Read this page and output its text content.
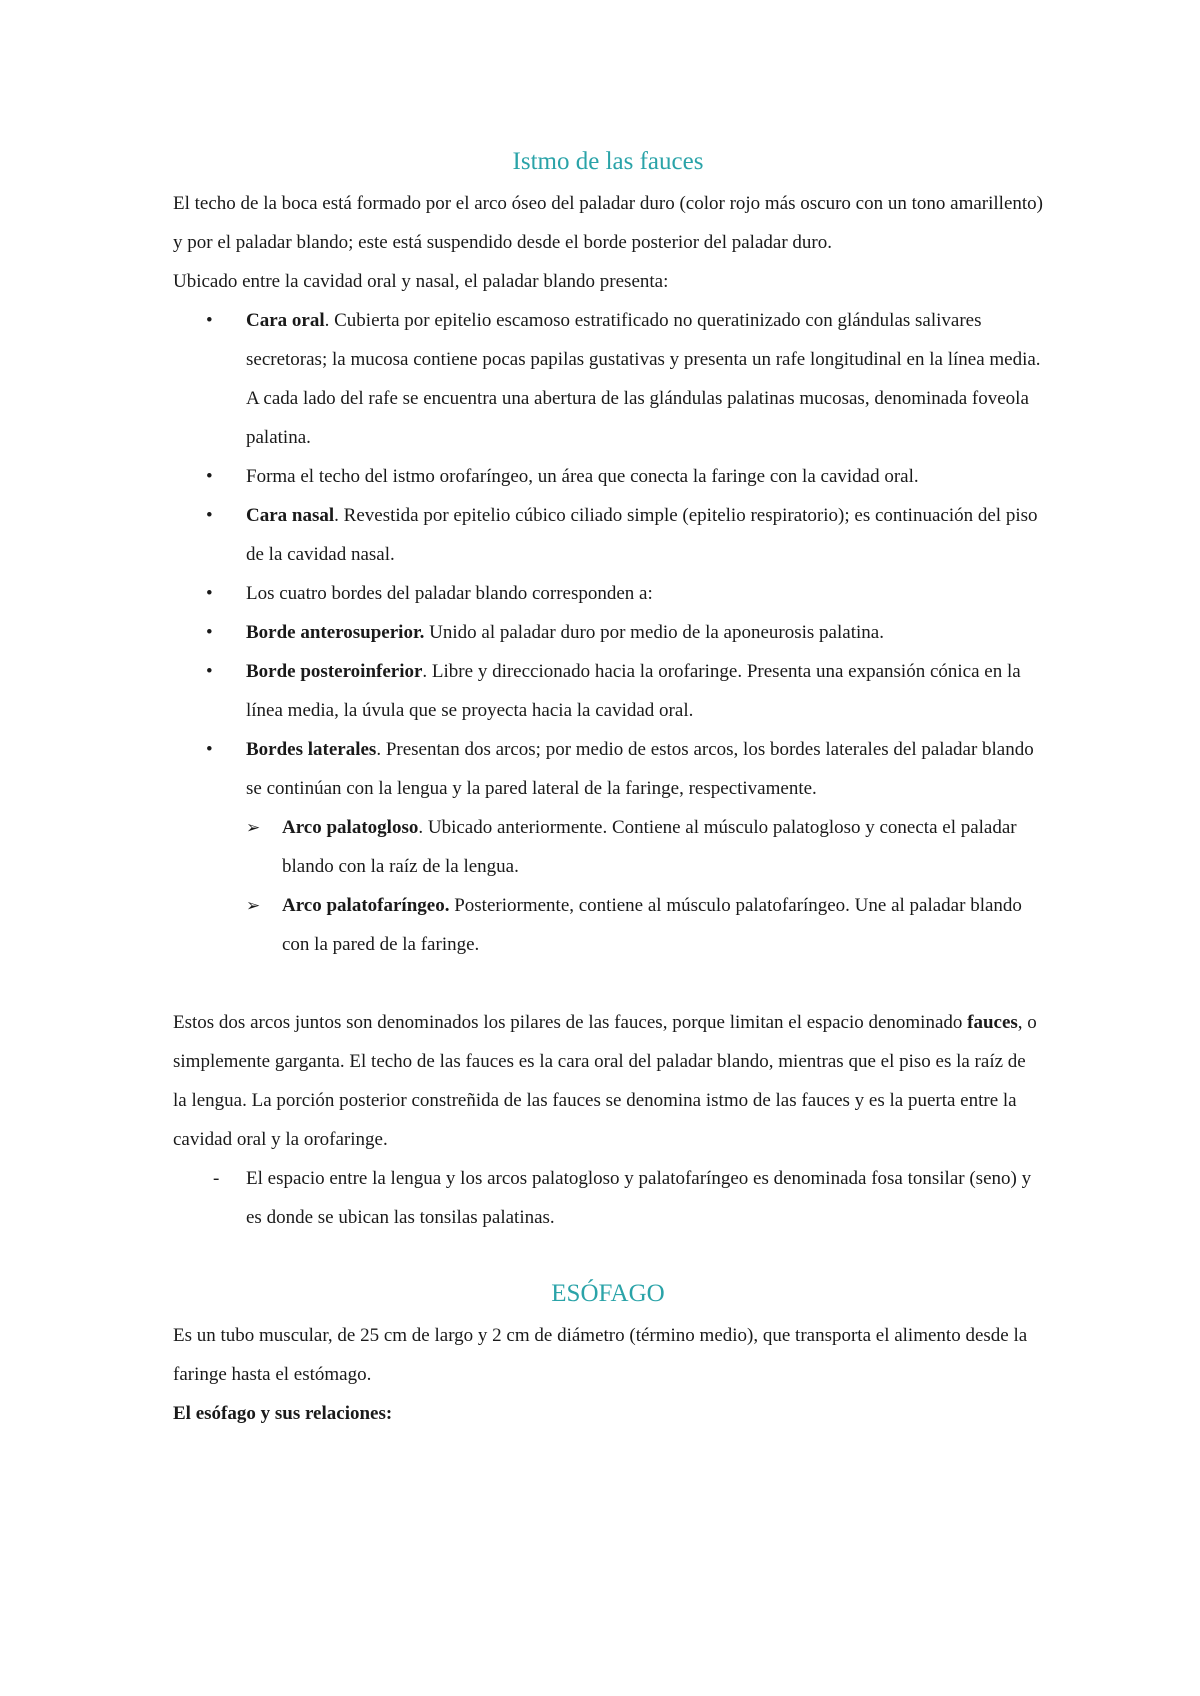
Istmo de las fauces

El techo de la boca está formado por el arco óseo del paladar duro (color rojo más oscuro con un tono amarillento) y por el paladar blando; este está suspendido desde el borde posterior del paladar duro.

Ubicado entre la cavidad oral y nasal, el paladar blando presenta:

• Cara oral. Cubierta por epitelio escamoso estratificado no queratinizado con glándulas salivares secretoras; la mucosa contiene pocas papilas gustativas y presenta un rafe longitudinal en la línea media. A cada lado del rafe se encuentra una abertura de las glándulas palatinas mucosas, denominada foveola palatina.
• Forma el techo del istmo orofaríngeo, un área que conecta la faringe con la cavidad oral.
• Cara nasal. Revestida por epitelio cúbico ciliado simple (epitelio respiratorio); es continuación del piso de la cavidad nasal.
• Los cuatro bordes del paladar blando corresponden a:
• Borde anterosuperior. Unido al paladar duro por medio de la aponeurosis palatina.
• Borde posteroinferior. Libre y direccionado hacia la orofaringe. Presenta una expansión cónica en la línea media, la úvula que se proyecta hacia la cavidad oral.
• Bordes laterales. Presentan dos arcos; por medio de estos arcos, los bordes laterales del paladar blando se continúan con la lengua y la pared lateral de la faringe, respectivamente.
➢ Arco palatogloso. Ubicado anteriormente. Contiene al músculo palatogloso y conecta el paladar blando con la raíz de la lengua.
➢ Arco palatofaríngeo. Posteriormente, contiene al músculo palatofaríngeo. Une al paladar blando con la pared de la faringe.

Estos dos arcos juntos son denominados los pilares de las fauces, porque limitan el espacio denominado fauces, o simplemente garganta. El techo de las fauces es la cara oral del paladar blando, mientras que el piso es la raíz de la lengua. La porción posterior constreñida de las fauces se denomina istmo de las fauces y es la puerta entre la cavidad oral y la orofaringe.

- El espacio entre la lengua y los arcos palatogloso y palatofaríngeo es denominada fosa tonsilar (seno) y es donde se ubican las tonsilas palatinas.
ESÓFAGO

Es un tubo muscular, de 25 cm de largo y 2 cm de diámetro (término medio), que transporta el alimento desde la faringe hasta el estómago.

El esófago y sus relaciones:
